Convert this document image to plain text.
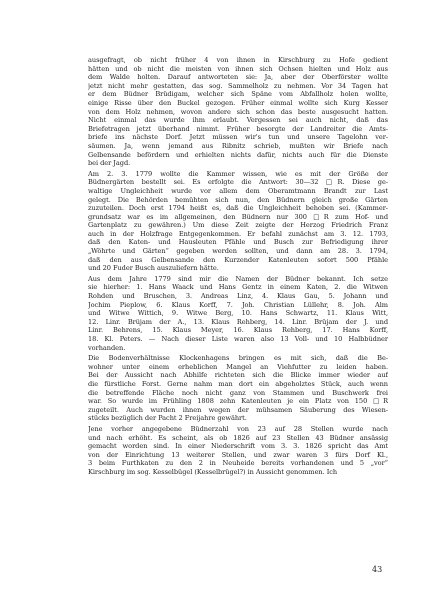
ausgefragt, ob nicht früher 4 von ihnen in Kirschburg zu Hofe gedient
hätten und ob nicht die meisten von ihnen sich Ochsen hielten und Holz aus
dem Walde holten. Darauf antworteten sie: Ja, aber der Oberförster wollte
jetzt nicht mehr gestatten, das sog. Sammelholz zu nehmen. Vor 34 Tagen hat
er dem Büdner Brüdigam, welcher sich Späne vom Abfallholz holen wollte,
einige Risse über den Buckel gezogen. Früher einmal wollte sich Kurg Kesser
von dem Holz nehmen, wovon andere sich schon das beste ausgesucht hatten.
Nicht einmal das wurde ihm erlaubt. Vergessen sei auch nicht, daß das
Briefetragen jetzt überhand nimmt. Früher besorgte der Landreiter die Amts-
briefe ins nächste Dorf. Jetzt müssen wir's tun und unsere Tagelohn ver-
säumen. Ja, wenn jemand aus Ribnitz schrieb, mußten wir Briefe nach
Gelbensande befördern und erhielten nichts dafür, nichts auch für die Dienste
bei der Jagd.
Am 2. 3. 1779 wollte die Kammer wissen, wie es mit der Größe der
Büdnergärten bestellt sei. Es erfolgte die Antwort: 30—32 □R. Diese ge-
waltige Ungleichheit wurde vor allem dem Oberamtmann Brandt zur Last
gelegt. Die Behörden bemühten sich nun, den Büdnern gleich große Gärten
zuzuteilen. Doch erst 1794 heißt es, daß die Ungleichheit behoben sei. (Kammer-
grundsatz war es im allgemeinen, den Büdnern nur 300 □R zum Hof- und
Gartenplatz zu gewähren.) Um diese Zeit zeigte der Herzog Friedrich Franz
auch in der Holzfrage Entgegenkommen. Er befahl zunächst am 3. 12. 1793,
daß den Katen- und Hausleuten Pfähle und Busch zur Befriedigung ihrer
„Wöhrte und Gärten“ gegeben werden sollten, und dann am 28. 3. 1794,
daß den aus Gelbensande den Kurzender Katenleuten sofort 500 Pfähle
und 20 Fuder Busch auszuliefern hätte.
Aus dem Jahre 1779 sind mir die Namen der Büdner bekannt. Ich setze
sie hierher: 1. Hans Waack und Hans Gentz in einem Katen, 2. die Witwen
Rohden und Bruschen, 3. Andreas Linz, 4. Klaus Gau, 5. Johann und
Jochim Pieplow, 6. Klaus Korff, 7. Joh. Christian Lüllehr, 8. Joh. Alm
und Witwe Wittich, 9. Witwe Berg, 10. Hans Schwartz, 11. Klaus Witt,
12. Linr. Brüjam der A., 13. Klaus Rehberg, 14. Linr. Brüjam der J. und
Linr. Behrens, 15. Klaus Meyer, 16. Klaus Rehberg, 17. Hans Korff,
18. Kl. Peters. — Nach dieser Liste waren also 13 Voll- und 10 Halbbüdner
vorhanden.
Die Bodenverhältnisse Klockenhagens bringen es mit sich, daß die Be-
wohner unter einem erheblichen Mangel an Viehfutter zu leiden haben.
Bei der Aussicht nach Abhilfe richteten sich die Blicke immer wieder auf
die fürstliche Forst. Gerne nahm man dort ein abgeholztes Stück, auch wenn
die betreffende Fläche noch nicht ganz von Stammen und Buschwerk frei
war. So wurde im Frühling 1808 zehn Katenleuten je ein Platz von 150 □R
zugeteilt. Auch wurden ihnen wegen der mühsamen Säuberung des Wiesen-
stücks bezüglich der Pacht 2 Freijahre gewährt.
Jene vorher angegebene Büdnerzahl von 23 auf 28 Stellen wurde nach
und nach erhöht. Es scheint, als ob 1826 auf 23 Stellen 43 Büdner ansässig
gemacht worden sind. In einer Niederschrift vom 3. 3. 1826 spricht das Amt
von der Einrichtung 13 weiterer Stellen, und zwar waren 3 fürs Dorf Kl.,
3 beim Furthkaten zu den 2 in Neuheide bereits vorhandenen und 5 „vor“
Kirschburg im sog. Kesselbügel (Kesselbrügel?) in Aussicht genommen. Ich
43
